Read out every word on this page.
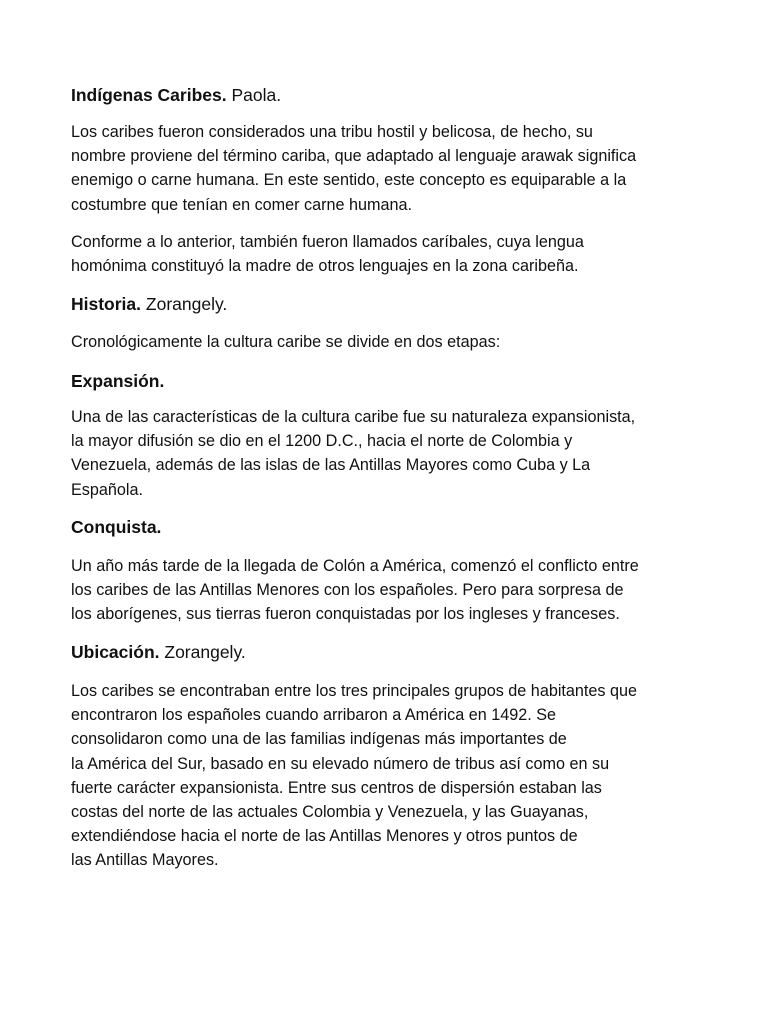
Indígenas Caribes. Paola.

Los caribes fueron considerados una tribu hostil y belicosa, de hecho, su
nombre proviene del término cariba, que adaptado al lenguaje arawak significa
enemigo o carne humana. En este sentido, este concepto es equiparable a la
costumbre que tenían en comer carne humana.

Conforme a lo anterior, también fueron llamados caríbales, cuya lengua
homónima constituyó la madre de otros lenguajes en la zona caribeña.

Historia. Zorangely.

Cronológicamente la cultura caribe se divide en dos etapas:

Expansión.

Una de las características de la cultura caribe fue su naturaleza expansionista,
la mayor difusión se dio en el 1200 D.C., hacia el norte de Colombia y
Venezuela, además de las islas de las Antillas Mayores como Cuba y La
Española.

Conquista.

Un año más tarde de la llegada de Colón a América, comenzó el conflicto entre
los caribes de las Antillas Menores con los españoles. Pero para sorpresa de
los aborígenes, sus tierras fueron conquistadas por los ingleses y franceses.

Ubicación. Zorangely.

Los caribes se encontraban entre los tres principales grupos de habitantes que
encontraron los españoles cuando arribaron a América en 1492. Se
consolidaron como una de las familias indígenas más importantes de
la América del Sur, basado en su elevado número de tribus así como en su
fuerte carácter expansionista. Entre sus centros de dispersión estaban las
costas del norte de las actuales Colombia y Venezuela, y las Guayanas,
extendiéndose hacia el norte de las Antillas Menores y otros puntos de
las Antillas Mayores.
